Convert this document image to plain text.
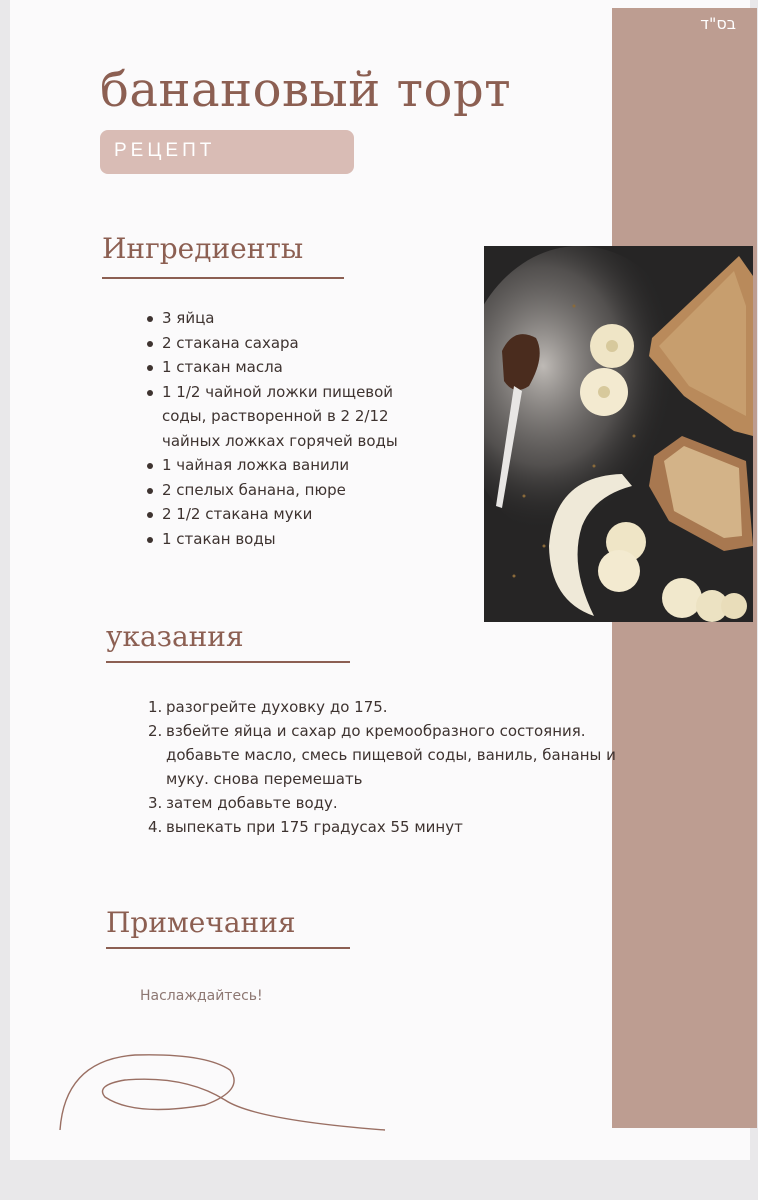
בס"ד
банановый торт
РЕЦЕПТ
Ингредиенты
3 яйца
2 стакана сахара
1 стакан масла
1 1/2 чайной ложки пищевой соды, растворенной в 2 2/12 чайных ложках горячей воды
1 чайная ложка ванили
2 спелых банана, пюре
2 1/2 стакана муки
1 стакан воды
указания
1. разогрейте духовку до 175.
2. взбейте яйца и сахар до кремообразного состояния. добавьте масло, смесь пищевой соды, ваниль, бананы и муку. снова перемешать
3. затем добавьте воду.
4. выпекать при 175 градусах 55 минут
Примечания
Наслаждайтесь!
